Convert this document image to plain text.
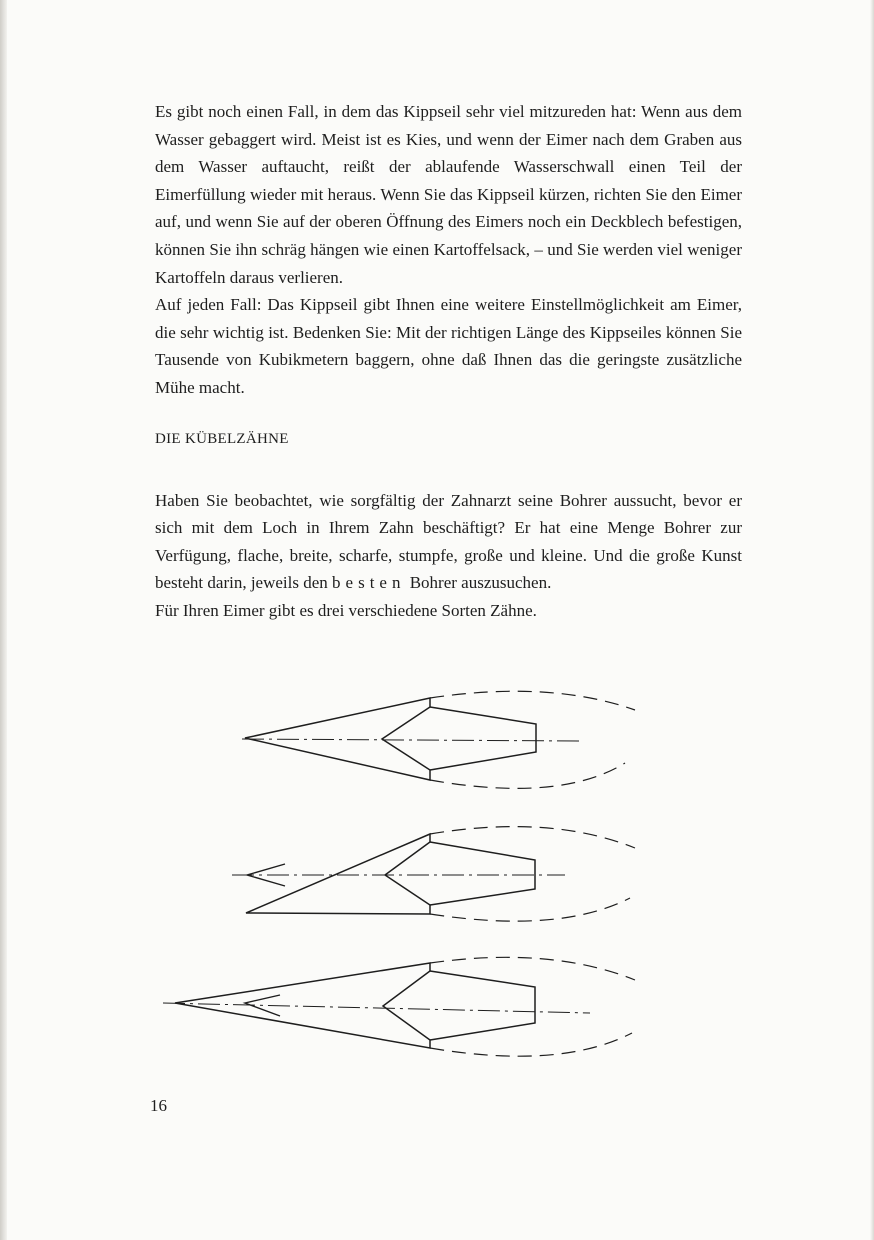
Es gibt noch einen Fall, in dem das Kippseil sehr viel mitzureden hat: Wenn aus dem Wasser gebaggert wird. Meist ist es Kies, und wenn der Eimer nach dem Graben aus dem Wasser auftaucht, reißt der ablaufende Wasserschwall einen Teil der Eimerfüllung wieder mit heraus. Wenn Sie das Kippseil kürzen, richten Sie den Eimer auf, und wenn Sie auf der oberen Öffnung des Eimers noch ein Deckblech befestigen, können Sie ihn schräg hängen wie einen Kartoffelsack, – und Sie werden viel weniger Kartoffeln daraus verlieren.

Auf jeden Fall: Das Kippseil gibt Ihnen eine weitere Einstellmöglichkeit am Eimer, die sehr wichtig ist. Bedenken Sie: Mit der richtigen Länge des Kippseiles können Sie Tausende von Kubikmetern baggern, ohne daß Ihnen das die geringste zusätzliche Mühe macht.

DIE KÜBELZÄHNE

Haben Sie beobachtet, wie sorgfältig der Zahnarzt seine Bohrer aussucht, bevor er sich mit dem Loch in Ihrem Zahn beschäftigt? Er hat eine Menge Bohrer zur Verfügung, flache, breite, scharfe, stumpfe, große und kleine. Und die große Kunst besteht darin, jeweils den besten Bohrer auszusuchen.

Für Ihren Eimer gibt es drei verschiedene Sorten Zähne.

16
